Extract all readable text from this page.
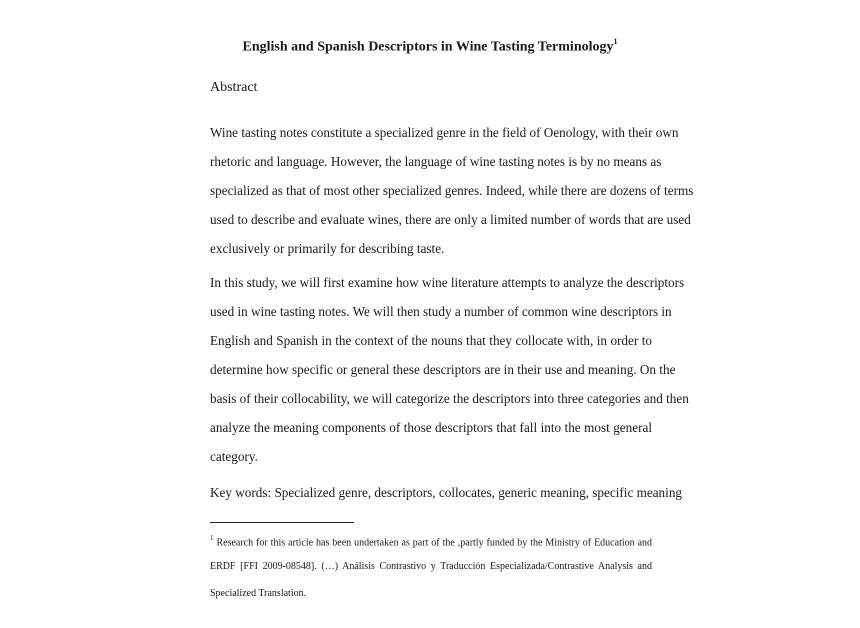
English and Spanish Descriptors in Wine Tasting Terminology$^1$
Abstract
Wine tasting notes constitute a specialized genre in the field of Oenology, with their own
rhetoric and language. However, the language of wine tasting notes is by no means as
specialized as that of most other specialized genres. Indeed, while there are dozens of terms
used to describe and evaluate wines, there are only a limited number of words that are used
exclusively or primarily for describing taste.
In this study, we will first examine how wine literature attempts to analyze the descriptors
used in wine tasting notes. We will then study a number of common wine descriptors in
English and Spanish in the context of the nouns that they collocate with, in order to
determine how specific or general these descriptors are in their use and meaning. On the
basis of their collocability, we will categorize the descriptors into three categories and then
analyze the meaning components of those descriptors that fall into the most general
category.
Key words: Specialized genre, descriptors, collocates, generic meaning, specific meaning
$^1$ Research for this article has been undertaken as part of the ,partly funded by the Ministry of Education and
ERDF [FFI 2009-08548]. (…) Análisis Contrastivo y Traducción Especializada/Contrastive Analysis and
Specialized Translation.
